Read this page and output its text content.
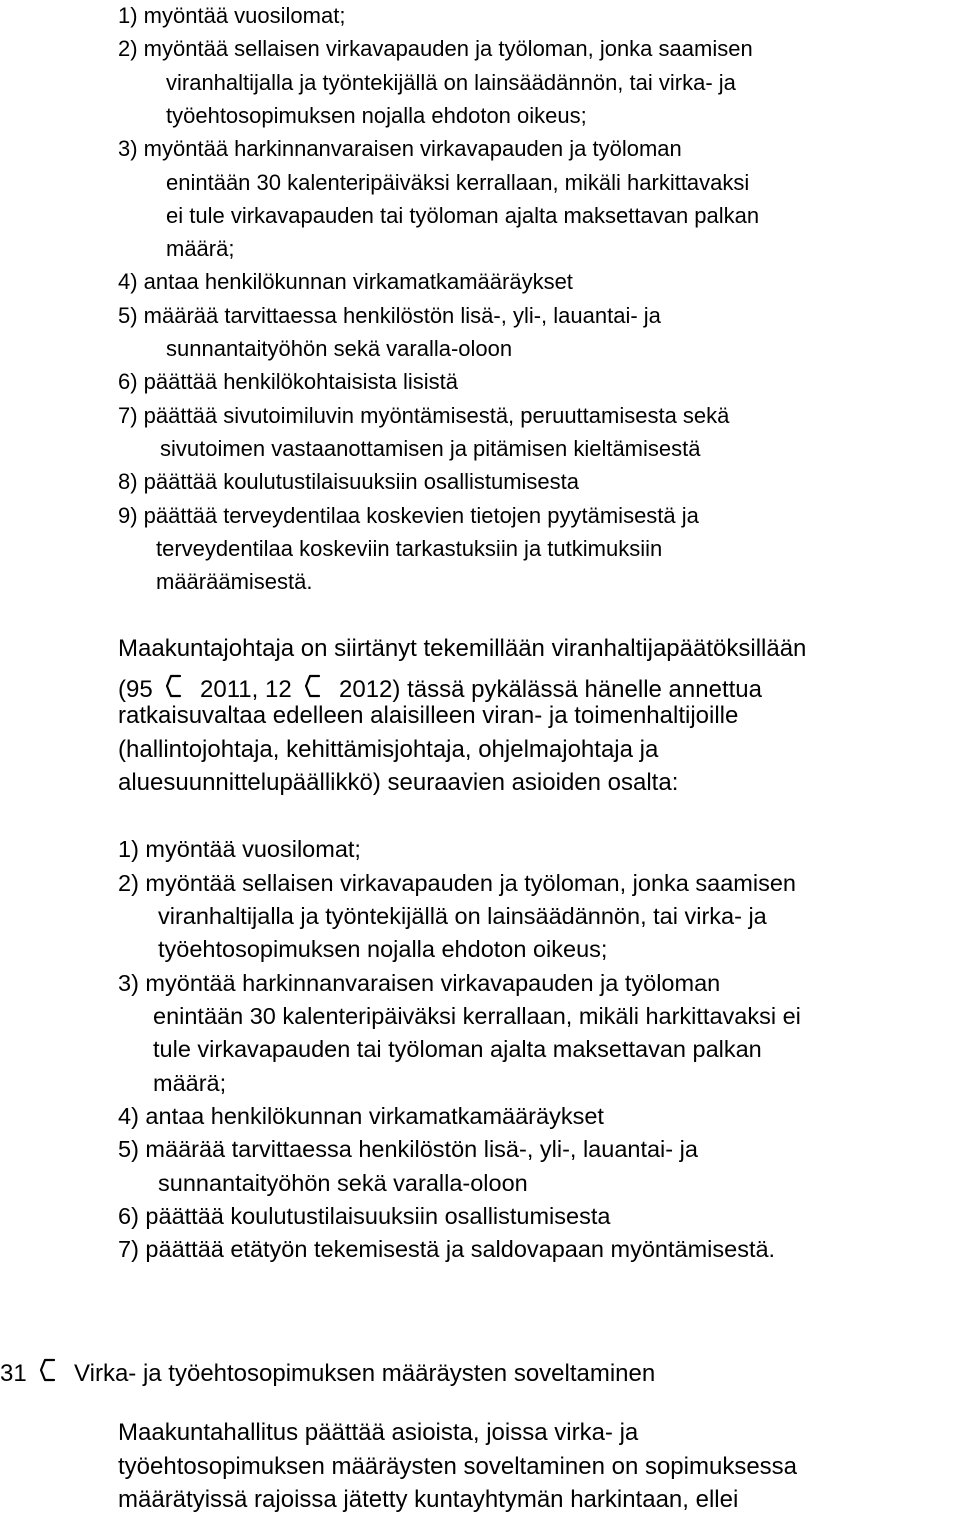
1) myöntää vuosilomat;
2) myöntää sellaisen virkavapauden ja työloman, jonka saamisen
viranhaltijalla ja työntekijällä on lainsäädännön, tai virka- ja
työehtosopimuksen nojalla ehdoton oikeus;
3) myöntää harkinnanvaraisen virkavapauden ja työloman
enintään 30 kalenteripäiväksi kerrallaan, mikäli harkittavaksi
ei tule virkavapauden tai työloman ajalta maksettavan palkan
määrä;
4) antaa henkilökunnan virkamatkamääräykset
5) määrää tarvittaessa henkilöstön lisä-, yli-, lauantai- ja
sunnantaityöhön sekä varalla-oloon
6) päättää henkilökohtaisista lisistä
7) päättää sivutoimiluvin myöntämisestä, peruuttamisesta sekä
sivutoimen vastaanottamisen ja pitämisen kieltämisestä
8) päättää koulutustilaisuuksiin osallistumisesta
9) päättää terveydentilaa koskevien tietojen pyytämisestä ja
terveydentilaa koskeviin tarkastuksiin ja tutkimuksiin
määräämisestä.
Maakuntajohtaja on siirtänyt tekemillään viranhaltijapäätöksillään
(95 2011, 12 2012) tässä pykälässä hänelle annettua
ratkaisuvaltaa edelleen alaisilleen viran- ja toimenhaltijoille
(hallintojohtaja, kehittämisjohtaja, ohjelmajohtaja ja
aluesuunnittelupäällikkö) seuraavien asioiden osalta:
1) myöntää vuosilomat;
2) myöntää sellaisen virkavapauden ja työloman, jonka saamisen
viranhaltijalla ja työntekijällä on lainsäädännön, tai virka- ja
työehtosopimuksen nojalla ehdoton oikeus;
3) myöntää harkinnanvaraisen virkavapauden ja työloman
enintään 30 kalenteripäiväksi kerrallaan, mikäli harkittavaksi ei
tule virkavapauden tai työloman ajalta maksettavan palkan
määrä;
4) antaa henkilökunnan virkamatkamääräykset
5) määrää tarvittaessa henkilöstön lisä-, yli-, lauantai- ja
sunnantaityöhön sekä varalla-oloon
6) päättää koulutustilaisuuksiin osallistumisesta
7) päättää etätyön tekemisestä ja saldovapaan myöntämisestä.
31 Virka- ja työehtosopimuksen määräysten soveltaminen
Maakuntahallitus päättää asioista, joissa virka- ja
työehtosopimuksen määräysten soveltaminen on sopimuksessa
määrätyissä rajoissa jätetty kuntayhtymän harkintaan, ellei
